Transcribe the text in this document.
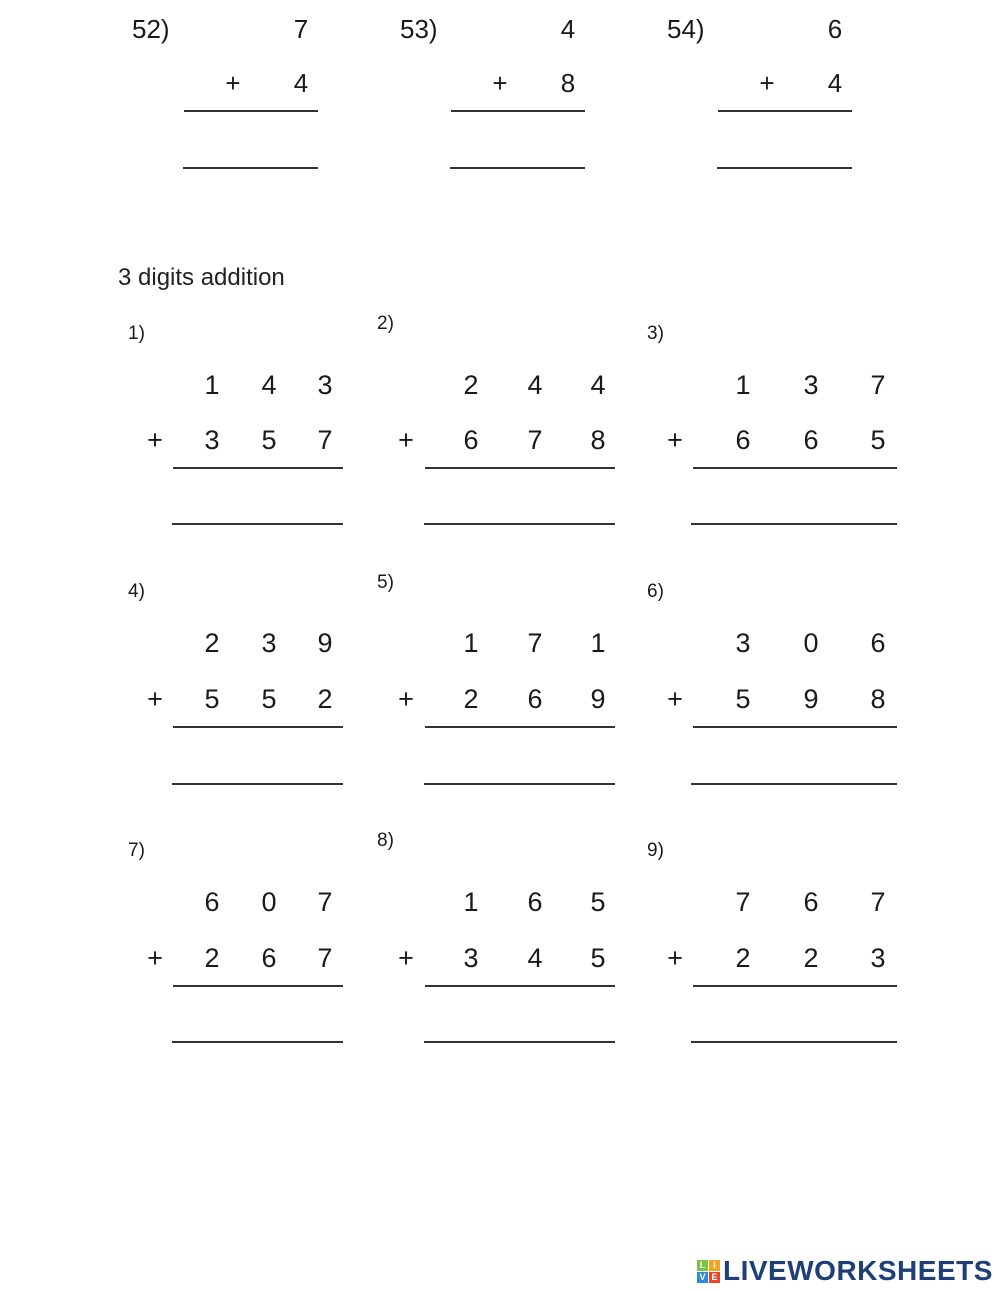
52)	7
+ 4
53)	4
+ 8
54)	6
+ 4
3 digits addition
1)
1 4 3
+ 3 5 7
2)
2 4 4
+ 6 7 8
3)
1 3 7
+ 6 6 5
4)
2 3 9
+ 5 5 2
5)
1 7 1
+ 2 6 9
6)
3 0 6
+ 5 9 8
7)
6 0 7
+ 2 6 7
8)
1 6 5
+ 3 4 5
9)
7 6 7
+ 2 2 3
L I
V E LIVEWORKSHEETS
